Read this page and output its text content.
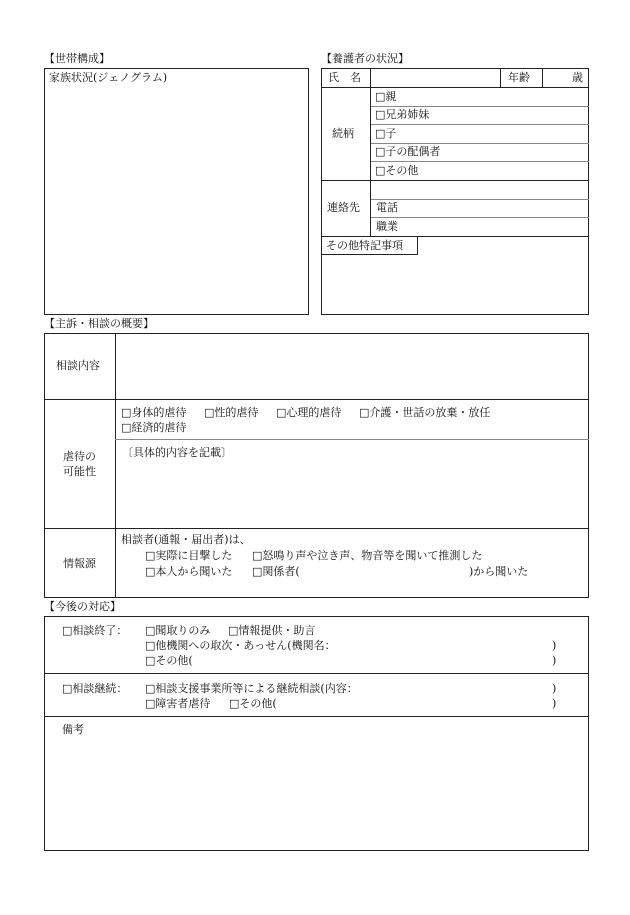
【世帯構成】
家族状況(ジェノグラム)
【養護者の状況】
氏　名	年齢	歳
続柄
□ 親
□ 兄弟姉妹
□ 子
□ 子の配偶者
□ その他
連絡先 電話
職業
その他特記事項
【主訴・相談の概要】
相談内容
虐待の
可能性
□ 身体的虐待	□ 性的虐待	□ 心理的虐待	□ 介護・世話の放棄・放任
□ 経済的虐待
〔具体的内容を記載〕
情報源
相談者(通報・届出者)は、
□ 実際に目撃した	□ 怒鳴り声や泣き声、物音等を聞いて推測した
□ 本人から聞いた	□ 関係者(	)から聞いた
【今後の対応】
□ 相談終了：	□ 聞取りのみ	□ 情報提供・助言
□ 他機関への取次・あっせん(機関名：	)
□ その他(	)
□ 相談継続：	□ 相談支援事業所等による継続相談(内容：	)
□ 障害者虐待	□ その他(	)
備考
